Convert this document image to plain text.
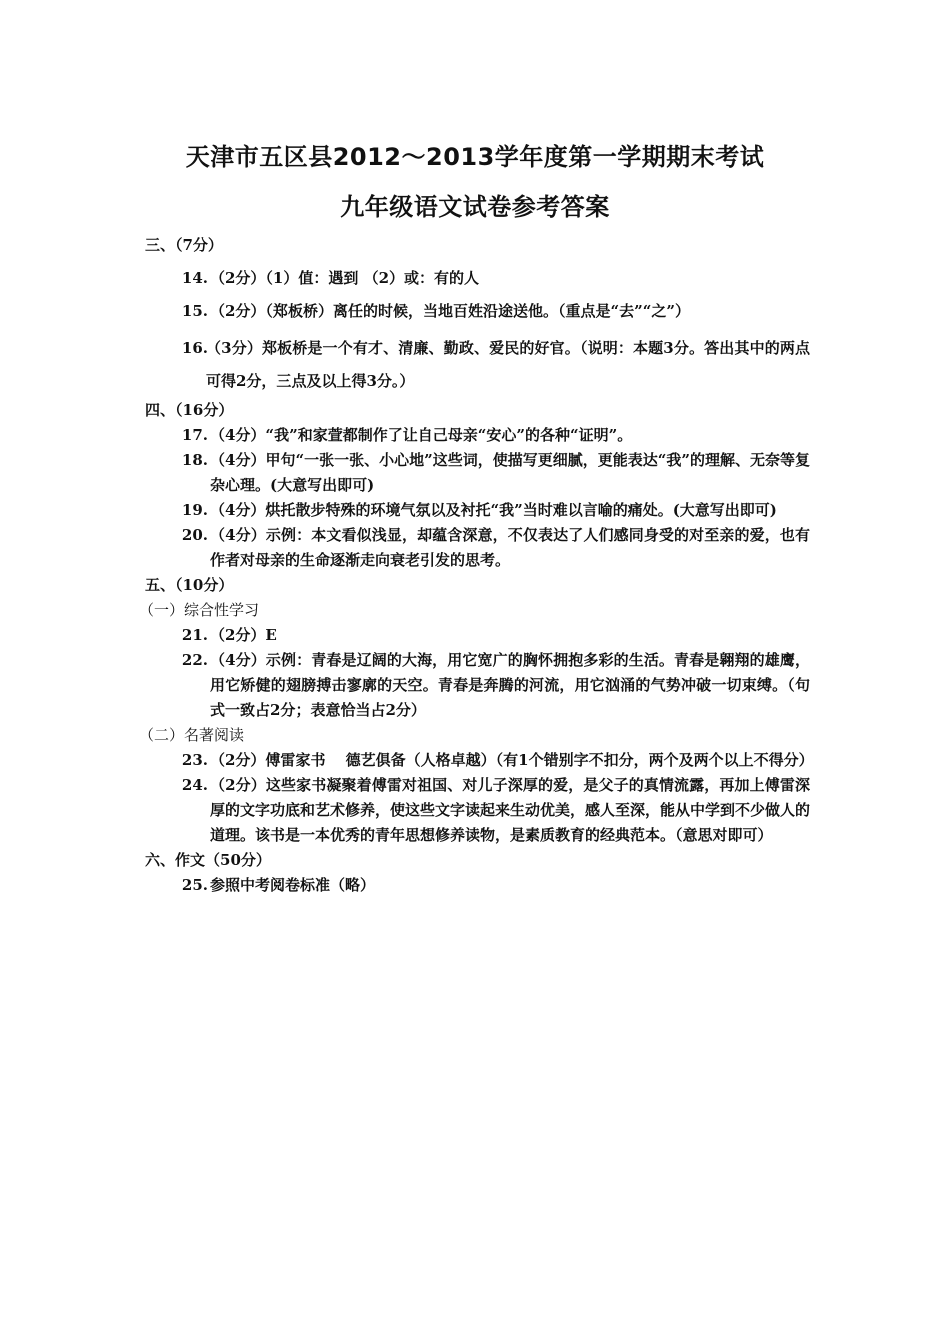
天津市五区县2012～2013学年度第一学期期末考试
九年级语文试卷参考答案
三、（7分）
14. （2分）（1）值：遇到 （2）或：有的人
15. （2分）（郑板桥）离任的时候，当地百姓沿途送他。（重点是“去”“之”）
16.
（3分）郑板桥是一个有才、清廉、勤政、爱民的好官。（说明：本题3分。答出其中的两点可得2分，三点及以上得3分。）
四、（16分）
17. （4分）“我”和家萱都制作了让自己母亲“安心”的各种“证明”。
18. （4分）甲句“一张一张、小心地”这些词，使描写更细腻，更能表达“我”的理解、无奈等复杂心理。(大意写出即可)
19. （4分）烘托散步特殊的环境气氛以及衬托“我”当时难以言喻的痛处。(大意写出即可)
20. （4分）示例：本文看似浅显，却蕴含深意，不仅表达了人们感同身受的对至亲的爱，也有作者对母亲的生命逐渐走向衰老引发的思考。
五、（10分）
（一）综合性学习
21. （2分）E
22. （4分）示例：青春是辽阔的大海，用它宽广的胸怀拥抱多彩的生活。青春是翱翔的雄鹰，用它矫健的翅膀搏击寥廓的天空。青春是奔腾的河流，用它汹涌的气势冲破一切束缚。（句式一致占2分；表意恰当占2分）
（二）名著阅读
23. （2分）傅雷家书　 德艺俱备（人格卓越）（有1个错别字不扣分，两个及两个以上不得分）
24. （2分）这些家书凝聚着傅雷对祖国、对儿子深厚的爱，是父子的真情流露，再加上傅雷深厚的文字功底和艺术修养，使这些文字读起来生动优美，感人至深，能从中学到不少做人的道理。该书是一本优秀的青年思想修养读物，是素质教育的经典范本。（意思对即可）
六、作文（50分）
25. 参照中考阅卷标准（略）
